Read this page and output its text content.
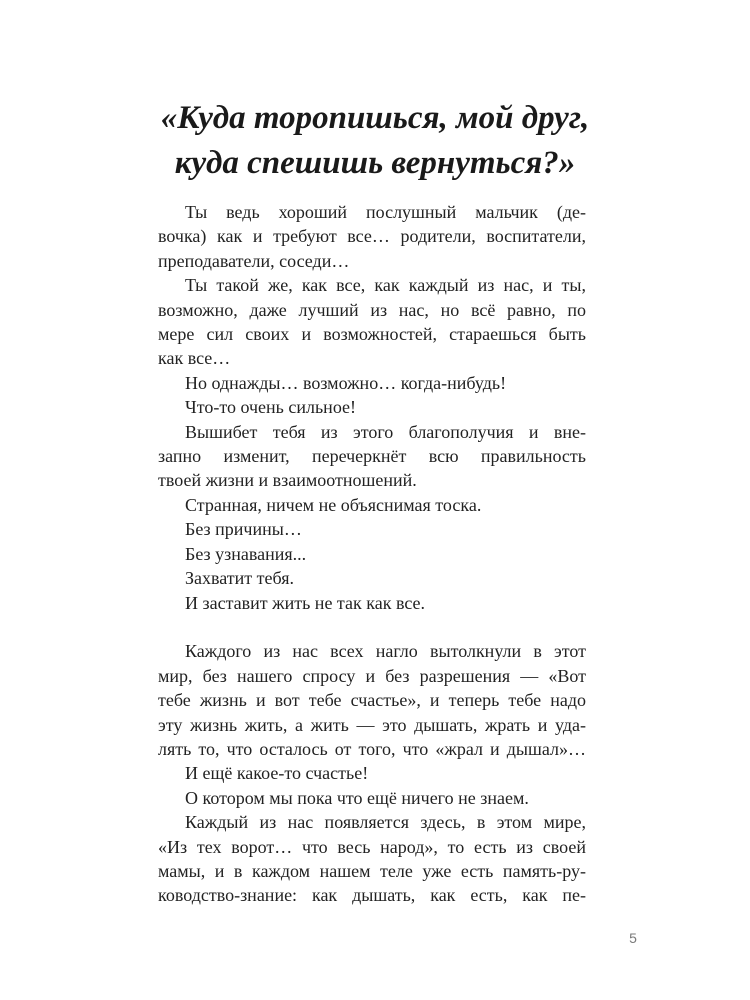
«Куда торопишься, мой друг,
куда спешишь вернуться?»
Ты ведь хороший послушный мальчик (де-
вочка) как и требуют все… родители, воспитатели,
преподаватели, соседи…
Ты такой же, как все, как каждый из нас, и ты,
возможно, даже лучший из нас, но всё равно, по
мере сил своих и возможностей, стараешься быть
как все…
Но однажды… возможно… когда-нибудь!
Что-то очень сильное!
Вышибет тебя из этого благополучия и вне-
запно изменит, перечеркнёт всю правильность
твоей жизни и взаимоотношений.
Странная, ничем не объяснимая тоска.
Без причины…
Без узнавания...
Захватит тебя.
И заставит жить не так как все.
Каждого из нас всех нагло вытолкнули в этот
мир, без нашего спросу и без разрешения — «Вот
тебе жизнь и вот тебе счастье», и теперь тебе надо
эту жизнь жить, а жить — это дышать, жрать и уда-
лять то, что осталось от того, что «жрал и дышал»…
И ещё какое-то счастье!
О котором мы пока что ещё ничего не знаем.
Каждый из нас появляется здесь, в этом мире,
«Из тех ворот… что весь народ», то есть из своей
мамы, и в каждом нашем теле уже есть память-ру-
ководство-знание: как дышать, как есть, как пе-
5
